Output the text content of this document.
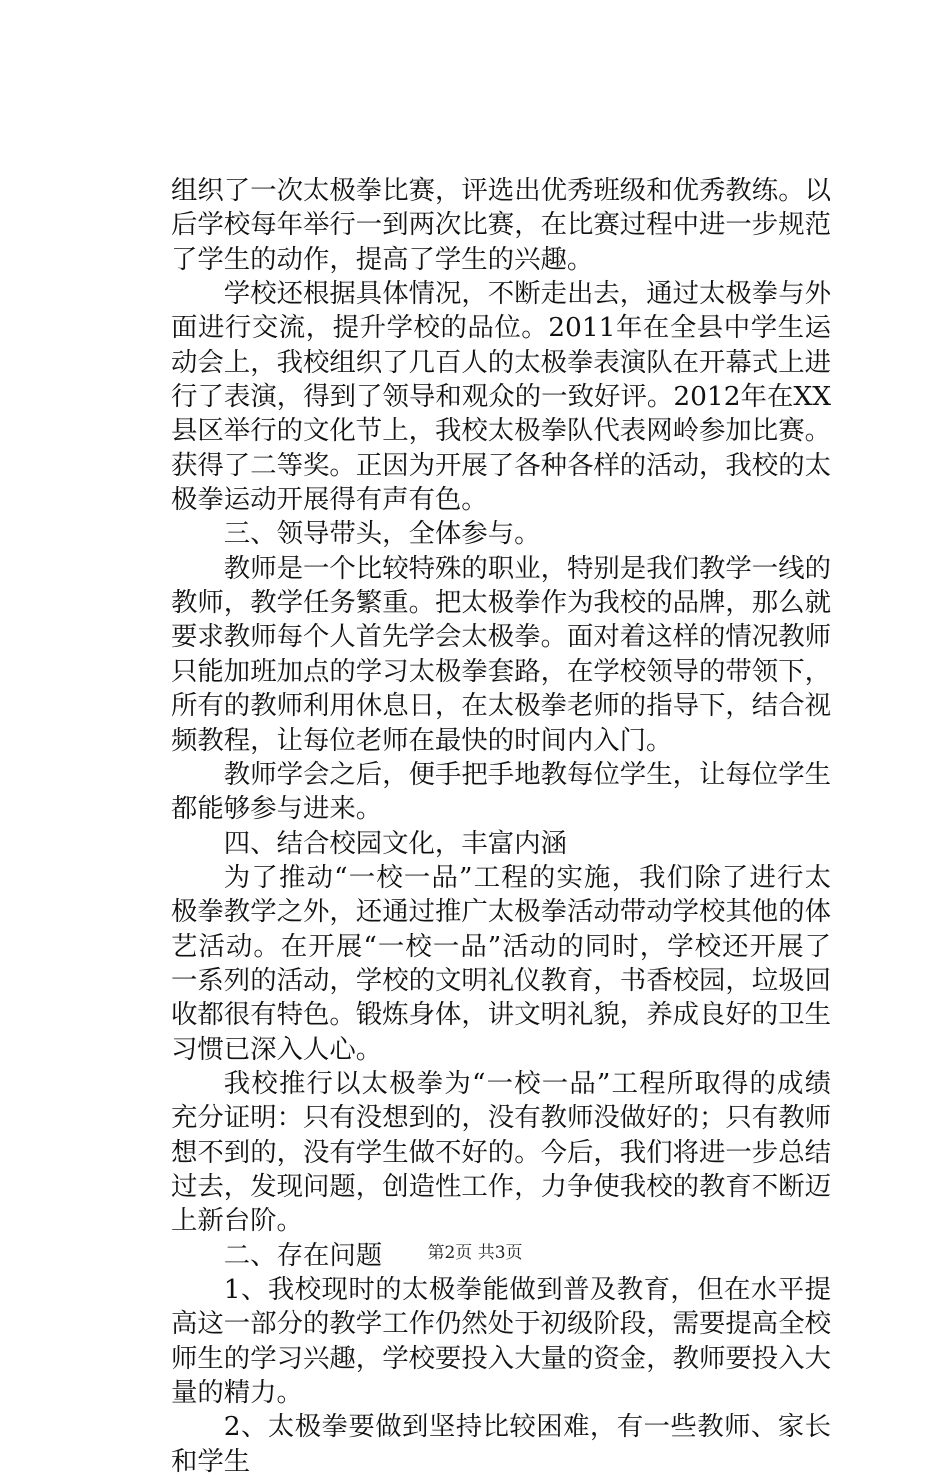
组织了一次太极拳比赛，评选出优秀班级和优秀教练。以后学校每年举行一到两次比赛，在比赛过程中进一步规范了学生的动作，提高了学生的兴趣。

学校还根据具体情况，不断走出去，通过太极拳与外面进行交流，提升学校的品位。2011年在全县中学生运动会上，我校组织了几百人的太极拳表演队在开幕式上进行了表演，得到了领导和观众的一致好评。2012年在XX县区举行的文化节上，我校太极拳队代表网岭参加比赛。获得了二等奖。正因为开展了各种各样的活动，我校的太极拳运动开展得有声有色。

三、领导带头，全体参与。

教师是一个比较特殊的职业，特别是我们教学一线的教师，教学任务繁重。把太极拳作为我校的品牌，那么就要求教师每个人首先学会太极拳。面对着这样的情况教师只能加班加点的学习太极拳套路，在学校领导的带领下，所有的教师利用休息日，在太极拳老师的指导下，结合视频教程，让每位老师在最快的时间内入门。

教师学会之后，便手把手地教每位学生，让每位学生都能够参与进来。

四、结合校园文化，丰富内涵

为了推动“一校一品”工程的实施，我们除了进行太极拳教学之外，还通过推广太极拳活动带动学校其他的体艺活动。在开展“一校一品”活动的同时，学校还开展了一系列的活动，学校的文明礼仪教育，书香校园，垃圾回收都很有特色。锻炼身体，讲文明礼貌，养成良好的卫生习惯已深入人心。

我校推行以太极拳为“一校一品”工程所取得的成绩充分证明：只有没想到的，没有教师没做好的；只有教师想不到的，没有学生做不好的。今后，我们将进一步总结过去，发现问题，创造性工作，力争使我校的教育不断迈上新台阶。

二、存在问题

1、我校现时的太极拳能做到普及教育，但在水平提高这一部分的教学工作仍然处于初级阶段，需要提高全校师生的学习兴趣，学校要投入大量的资金，教师要投入大量的精力。

2、太极拳要做到坚持比较困难，有一些教师、家长和学生

第2页 共3页
